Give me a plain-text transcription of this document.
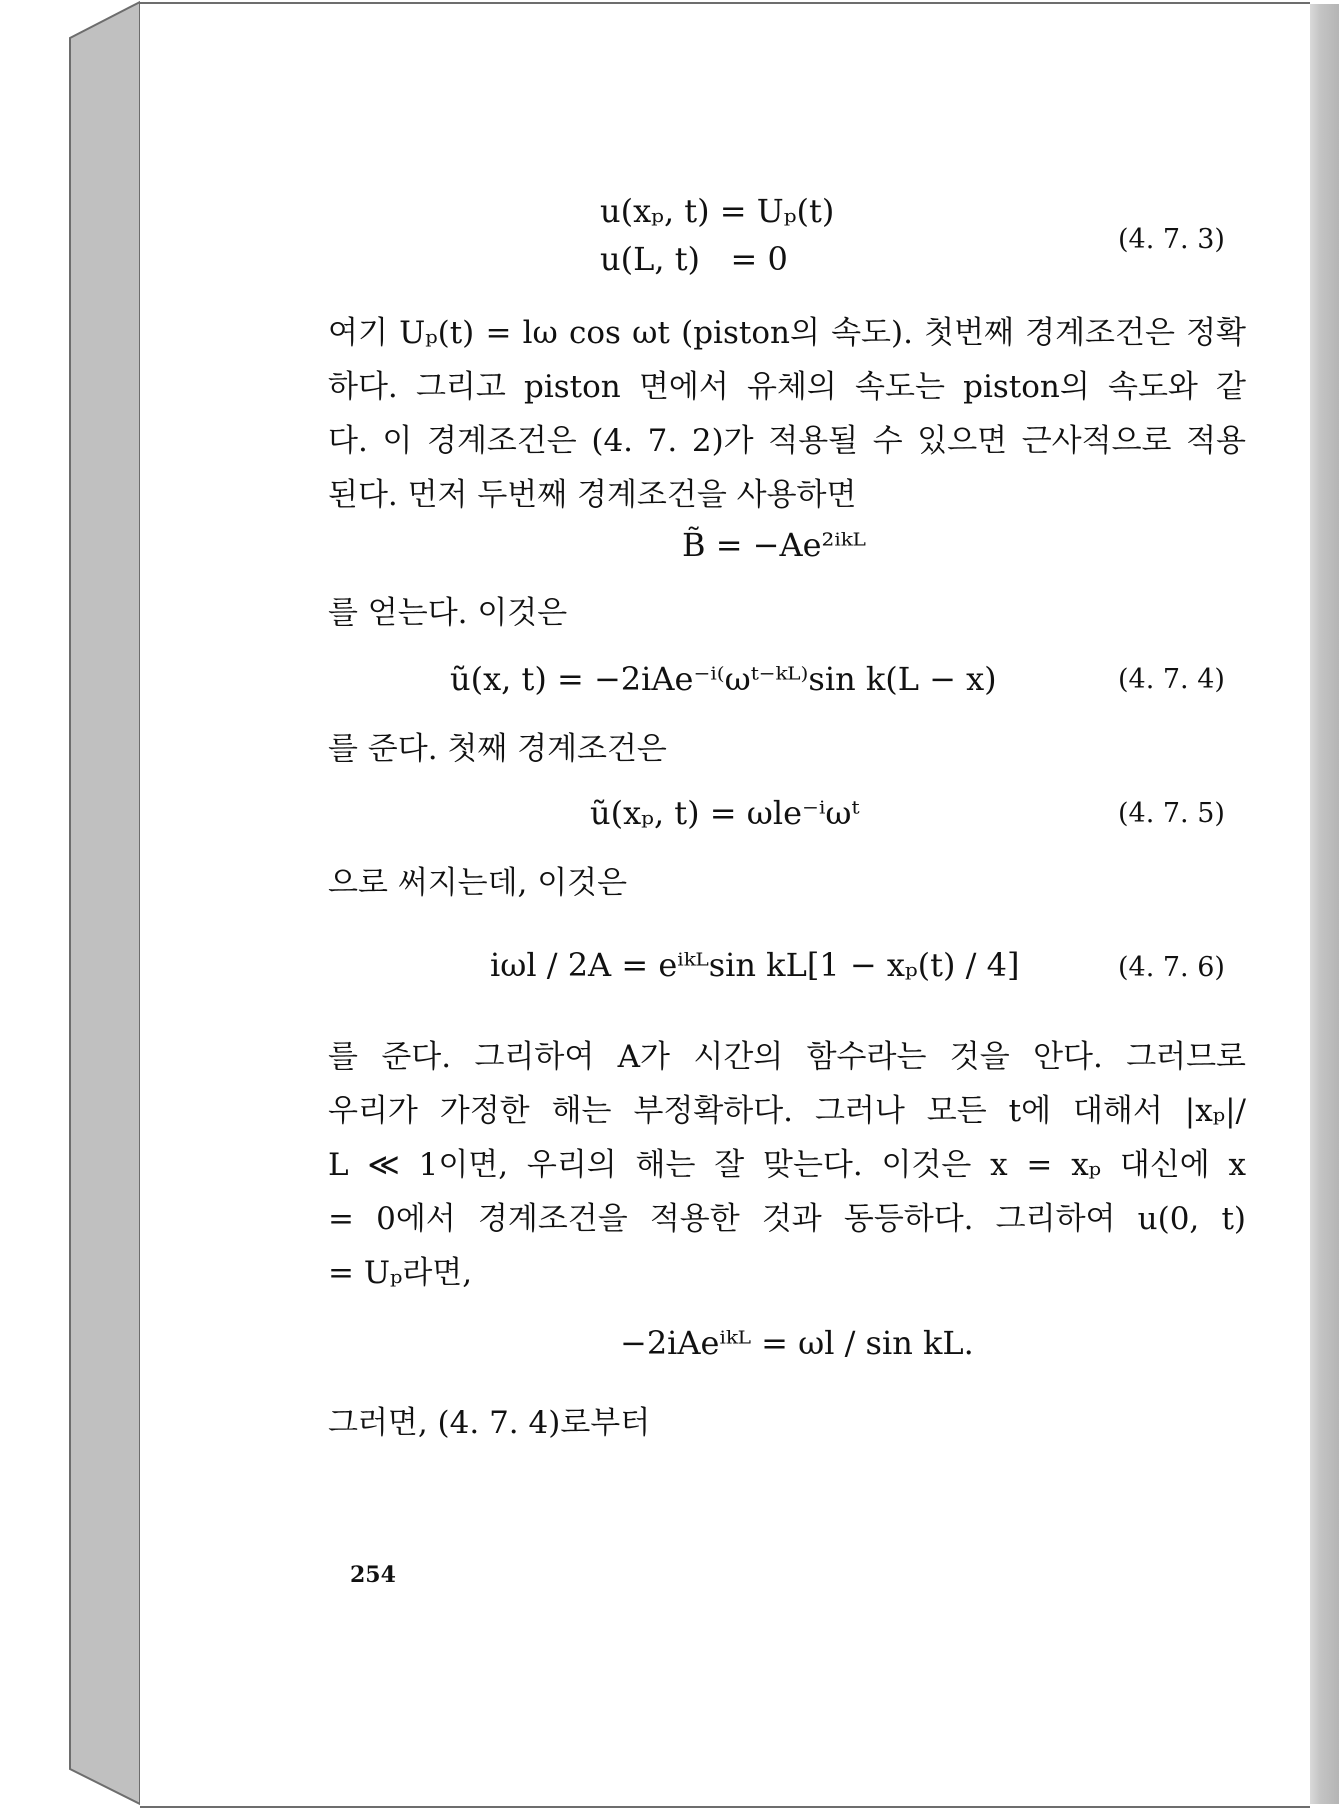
u(xₚ, t) = Uₚ(t)
u(L, t)   = 0
(4. 7. 3)
여기 Uₚ(t) = lω cos ωt (piston의 속도). 첫번째 경계조건은 정확
하다. 그리고 piston 면에서 유체의 속도는 piston의 속도와 같
다. 이 경계조건은 (4. 7. 2)가 적용될 수 있으면 근사적으로 적용
된다. 먼저 두번째 경계조건을 사용하면
B̃ = −Ae²ⁱᵏᴸ
를 얻는다. 이것은
ũ(x, t) = −2iAe⁻ⁱ⁽ωᵗ⁻ᵏᴸ⁾sin k(L − x)	(4. 7. 4)
를 준다. 첫째 경계조건은
ũ(xₚ, t) = ωle⁻ⁱωᵗ	(4. 7. 5)
으로 써지는데, 이것은
iωl / 2A = eⁱᵏᴸsin kL[1 − xₚ(t) / 4]	(4. 7. 6)
를 준다. 그리하여 A가 시간의 함수라는 것을 안다. 그러므로
우리가 가정한 해는 부정확하다. 그러나 모든 t에 대해서 |xₚ|/
L ≪ 1이면, 우리의 해는 잘 맞는다. 이것은 x = xₚ 대신에 x
= 0에서 경계조건을 적용한 것과 동등하다. 그리하여 u(0, t)
= Uₚ라면,
−2iAeⁱᵏᴸ = ωl / sin kL.
그러면, (4. 7. 4)로부터
254
